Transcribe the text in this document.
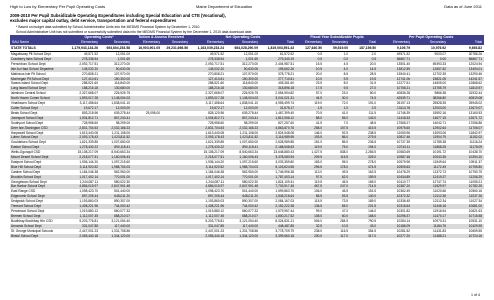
High to Low by Elementary Per Pupil Operating Costs	Maine Department of Education	Data as of June 2011
2009-2010 Per Pupil Subsidizable Operating Expenditures including Special Education and CTE (Vocational),
excludes major capital outlay, debt service, transportation and federal expenditures
* Based on budget data submitted by School Administrative Units into the MEDMS Financial System by December 1, 2010.
School Administrative Unit has not submitted or successfully submitted data into the MEDMS Financial System by the December 1, 2010 data download date.
	Operating Costs*		Tuition & Assess Received		Net Operating Costs			Fiscal Year Subsidizable Pupils			Per Pupil Operating Costs		
SAU Name	Elementary	Secondary	Elementary	Secondary	Elementary	Secondary	Total	Elementary	Secondary	Total	Elementary	Secondary	Total
STATE TOTALS	1,179,943,134.26	693,604,253.58	16,903,901.05	29,231,698.56	1,163,039,233.24	654,028,290.09	1,819,003,591.43	127,640.50	59,519.00	187,159.50	9,109.79	10,976.92	9,693.82
Magalloway Plt School Dept	49,571.52	12,051.00			49,571.52	12,051.00	61,572.52	0.5	1.0	2.0	49571.52	9000.07	30786.26
Cranberry Isles School Dept	278,338.54	1,001.65			278,338.54	1,001.65	279,340.19	0.5	0.0	0.5	56867.71	0.00	56867.71
Frenchboro School Dept	2,092,717.51	312,270.00			2,092,717.51	312,270.00	2,404,987.51	15.5	4.5	20.0	13501.40	69393.33	12024.94
Isle Au Haut School Departme	145,032.20	50,630.06			145,032.20	50,630.06	195,662.26	10.5	4.0	14.5	13812.59	12657.52	13494.01
Matinicus Isle Plt School	270,808.21	107,970.00			270,808.21	107,970.00	378,778.21	20.0	8.5	28.5	13540.41	12702.35	13290.46
Monhegan Plt School Dept	127,410.61	150,300.00			127,410.61	150,300.00	277,710.61	10.0	9.5	19.5	12741.06	15821.05	14241.57
Swans Island School Dept	288,521.60	116,840.00			288,521.60	116,840.00	405,361.60	23.5	8.0	31.5	12277.51	14605.00	12868.62
Long Island School Dept	188,216.18	130,680.00			188,216.18	130,680.00	318,896.18	17.5	9.5	27.0	10755.21	13755.79	11810.97
Islesboro Central School	2,327,668.07	226,926.75			2,327,668.07	226,926.75	2,554,594.82	57.0	23.0	80.0	40836.28	9866.38	31932.44
North Haven Comm School	1,893,017.28	1,148,004.03			1,893,017.28	1,148,004.03	3,041,021.31	44.5	30.0	74.5	42539.71	38266.80	40819.08
Vinalhaven School Dept	3,117,458.64	1,838,041.10			3,117,458.64	1,838,041.10	4,955,499.74	119.0	72.0	191.0	26197.13	25528.35	25945.02
Cutler School Dept	19,672.17	12,003.00			19,672.17	12,003.00	31,675.17	1.5	1.0	2.5	13114.78	12003.00	12670.07
Beals School Dept	853,218.96	639,278.44	25,098.00		828,120.96	639,278.44	1,467,399.40	70.5	41.0	111.5	11746.39	15592.16	13160.53
Jonesport School Dept	1,004,812.71	807,243.41			1,004,812.71	807,243.41	1,812,056.12	88.0	55.0	143.0	11418.33	14677.15	12671.72
Southport School Dept	728,958.60	98,299.00			728,958.60	98,299.00	827,257.60	41.5	7.0	48.5	17565.27	14042.71	17056.86
Deer Isle-Stonington CSD	2,831,704.53	2,032,166.23			2,831,704.53	2,032,166.23	4,863,870.76	258.0	157.5	415.5	10975.60	12902.64	11706.07
Harpswell School Dept	1,613,440.08	1,211,108.00			1,613,440.08	1,211,108.00	2,824,548.08	146.0	92.5	238.5	11050.96	13093.06	11842.97
Lubec School Dept	2,093,178.43	1,023,811.52			2,093,178.43	1,023,811.52	3,116,989.95	193.5	86.0	279.5	10817.46	11904.79	11152.02
Gouldsboro School Dept	1,621,339.85	1,007,650.00			1,621,339.85	1,007,650.00	2,628,989.85	151.0	85.5	236.5	10737.35	11785.38	11116.24
Easton School Dept	1,278,430.22	890,118.41			1,278,430.22	890,118.41	2,168,548.63	119.0	75.0	194.0	10743.11	11868.25	11178.09
Wells-Ogunquit CSD	15,108,217.09	8,540,663.34			15,108,217.09	8,540,663.34	23,648,880.43	1,427.5	838.0	2,265.5	10583.69	10191.72	10438.70
Mount Desert School Dept	2,218,077.51	1,160,006.43			2,218,077.51	1,160,006.43	3,378,083.94	209.5	115.5	325.0	10587.48	10043.35	10394.10
Eastport School Dept	1,936,144.20	1,097,215.60			1,936,144.20	1,097,215.60	3,033,359.80	183.0	95.0	278.0	10579.96	11549.64	10911.37
Blue Hill School Dept	3,114,920.52	1,988,704.03			3,114,920.52	1,988,704.03	5,103,624.55	296.5	178.0	474.5	10505.63	11172.49	10755.80
Castine School Dept	1,184,046.38	562,950.00			1,184,046.38	562,950.00	1,746,996.38	113.0	49.5	162.5	10478.29	11372.73	10750.75
Brooklin School Dept	1,017,402.14	770,001.00			1,017,402.14	770,001.00	1,787,403.14	97.5	62.0	159.5	10434.89	12419.37	11206.29
Georgetown School Dept	1,244,087.11	580,022.30			1,244,087.11	580,022.30	1,824,109.41	119.5	45.5	165.0	10410.77	12747.74	11055.21
Bar Harbor School Dept	4,856,015.97	2,847,901.48			4,856,015.97	2,847,901.48	7,703,917.45	467.5	247.0	714.5	10387.20	11529.97	10782.25
East Range CSD	1,098,423.70	501,440.00			1,098,423.70	501,440.00	1,599,863.70	106.0	45.5	151.5	10362.49	11020.66	10560.16
Edgecomb School Dept	897,205.44	648,011.20			897,205.44	648,011.20	1,545,216.64	86.5	53.5	140.0	10372.32	12112.36	11037.26
Sedgwick School Dept	1,193,860.03	890,307.00			1,193,860.03	890,307.00	2,084,167.03	115.5	73.5	189.0	10336.45	12112.34	11027.34
Tremont School Dept	1,408,221.96	744,000.42			1,408,221.96	744,000.42	2,152,222.38	136.5	65.0	201.5	10316.64	11446.16	10681.00
Penobscot School Dept	1,019,880.12	560,077.32			1,019,880.12	560,077.32	1,579,957.44	99.0	47.0	146.0	10301.82	11916.54	10821.63
Bremen School Dept	1,112,007.45	688,210.07			1,112,007.45	688,210.07	1,800,217.52	108.0	60.0	168.0	10296.37	11470.17	10715.58
Boothbay-Boothbay Hbr CSD	5,203,776.81	3,121,054.40			5,203,776.81	3,121,054.40	8,324,831.21	506.0	284.5	790.5	10284.14	10970.31	10531.10
Arrowsic School Dept	331,047.85	117,440.00			331,047.85	117,440.00	448,487.85	32.5	10.5	43.0	10186.09	11184.76	10429.95
St. George Municipal Schools	2,447,001.23	1,331,708.56			2,447,001.23	1,331,708.56	3,778,709.79	238.0	116.5	354.5	10281.52	11431.83	10659.55
Bristol School Dept	2,055,440.18	1,344,120.00			2,055,440.18	1,344,120.00	3,399,560.18	200.0	117.0	317.0	10277.20	11488.21	10724.16
1 of 4
